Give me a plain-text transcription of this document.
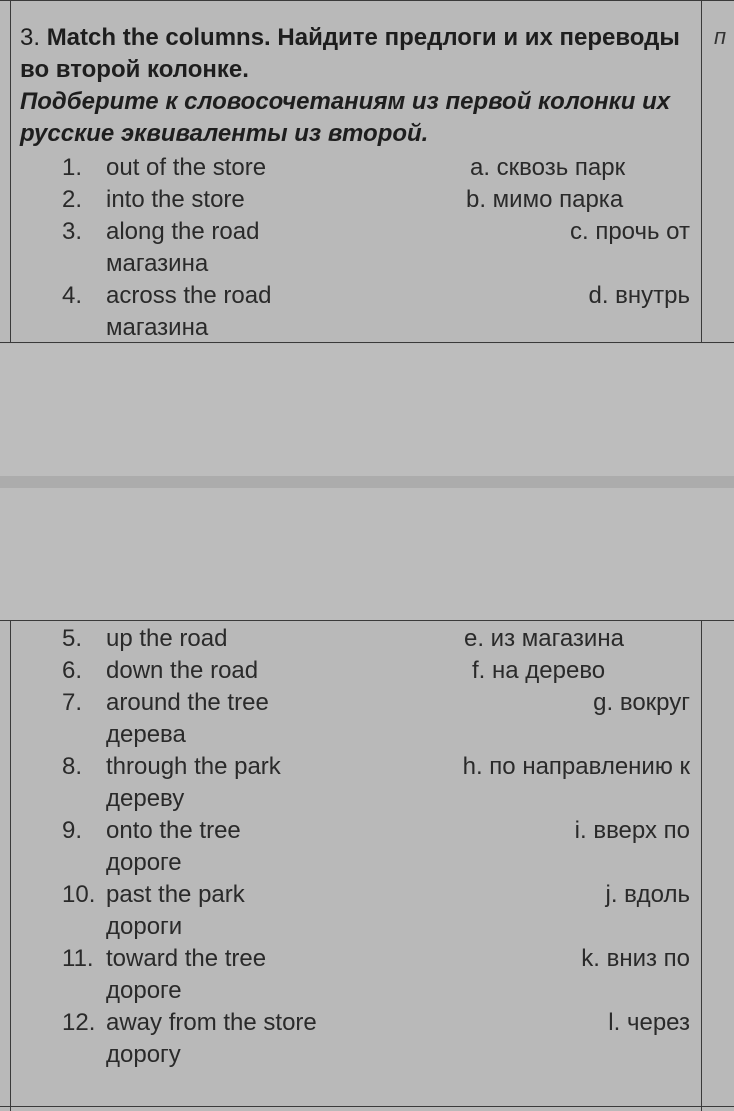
3. Match the columns. Найдите предлоги и их переводы во второй колонке.
Подберите к словосочетаниям из первой колонки их русские эквиваленты из второй.
п
1. out of the store	a. сквозь парк
2. into the store	b. мимо парка
3. along the road	c. прочь от
магазина
4. across the road	d. внутрь
магазина
5. up the road	e. из магазина
6. down the road	f. на дерево
7. around the tree	g. вокруг
дерева
8. through the park	h. по направлению к
дереву
9. onto the tree	i. вверх по
дороге
10. past the park	j. вдоль
дороги
11. toward the tree	k. вниз по
дороге
12. away from the store	l. через
дорогу
